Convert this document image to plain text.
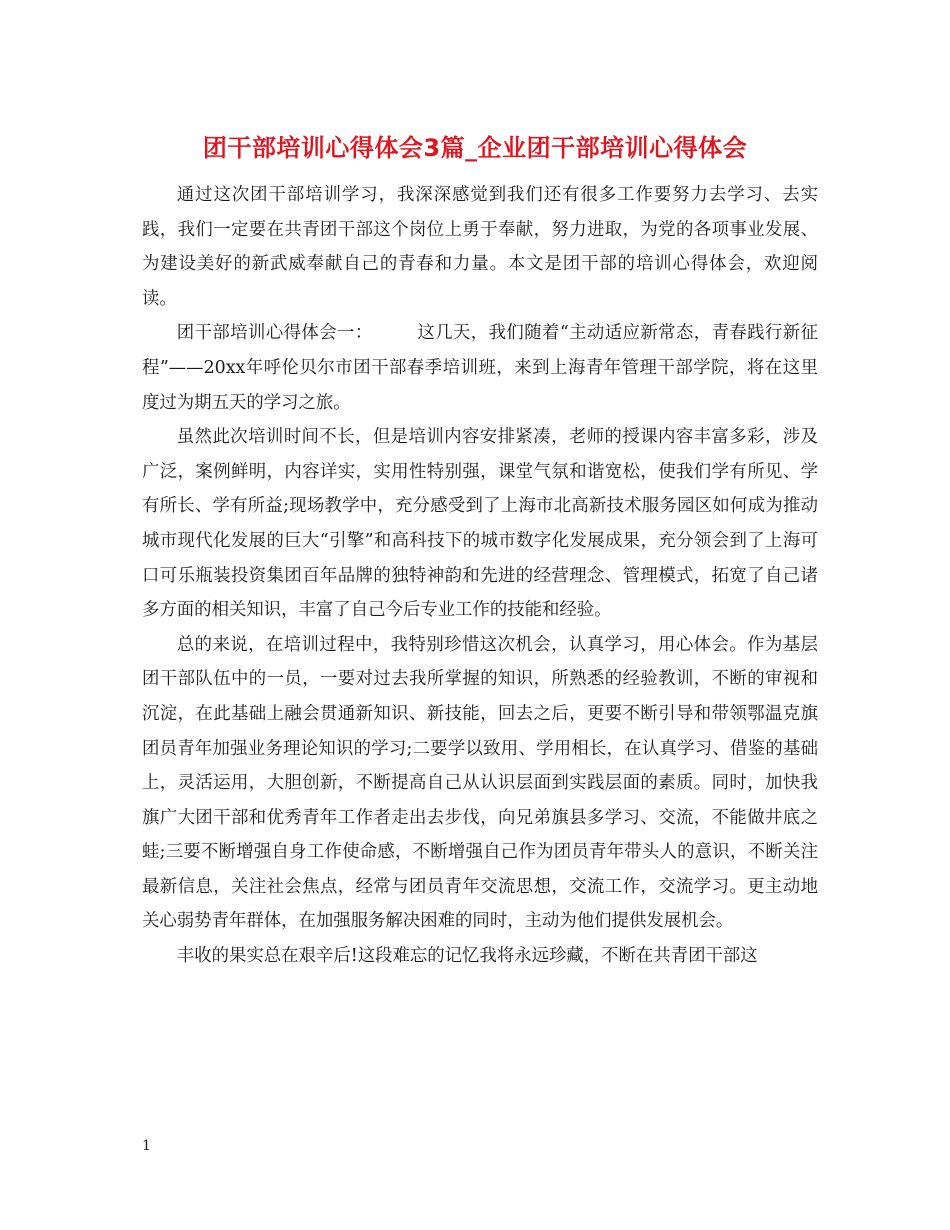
团干部培训心得体会3篇_企业团干部培训心得体会

通过这次团干部培训学习，我深深感觉到我们还有很多工作要努力去学习、去实践，我们一定要在共青团干部这个岗位上勇于奉献，努力进取，为党的各项事业发展、为建设美好的新武威奉献自己的青春和力量。本文是团干部的培训心得体会，欢迎阅读。

团干部培训心得体会一：　　　这几天，我们随着“主动适应新常态，青春践行新征程”——20xx年呼伦贝尔市团干部春季培训班，来到上海青年管理干部学院，将在这里度过为期五天的学习之旅。

虽然此次培训时间不长，但是培训内容安排紧凑，老师的授课内容丰富多彩，涉及广泛，案例鲜明，内容详实，实用性特别强，课堂气氛和谐宽松，使我们学有所见、学有所长、学有所益;现场教学中，充分感受到了上海市北高新技术服务园区如何成为推动城市现代化发展的巨大“引擎”和高科技下的城市数字化发展成果，充分领会到了上海可口可乐瓶装投资集团百年品牌的独特神韵和先进的经营理念、管理模式，拓宽了自己诸多方面的相关知识，丰富了自己今后专业工作的技能和经验。

总的来说，在培训过程中，我特别珍惜这次机会，认真学习，用心体会。作为基层团干部队伍中的一员，一要对过去我所掌握的知识，所熟悉的经验教训，不断的审视和沉淀，在此基础上融会贯通新知识、新技能，回去之后，更要不断引导和带领鄂温克旗团员青年加强业务理论知识的学习;二要学以致用、学用相长，在认真学习、借鉴的基础上，灵活运用，大胆创新，不断提高自己从认识层面到实践层面的素质。同时，加快我旗广大团干部和优秀青年工作者走出去步伐，向兄弟旗县多学习、交流，不能做井底之蛙;三要不断增强自身工作使命感，不断增强自己作为团员青年带头人的意识，不断关注最新信息，关注社会焦点，经常与团员青年交流思想，交流工作，交流学习。更主动地关心弱势青年群体，在加强服务解决困难的同时，主动为他们提供发展机会。

丰收的果实总在艰辛后!这段难忘的记忆我将永远珍藏，不断在共青团干部这

1
